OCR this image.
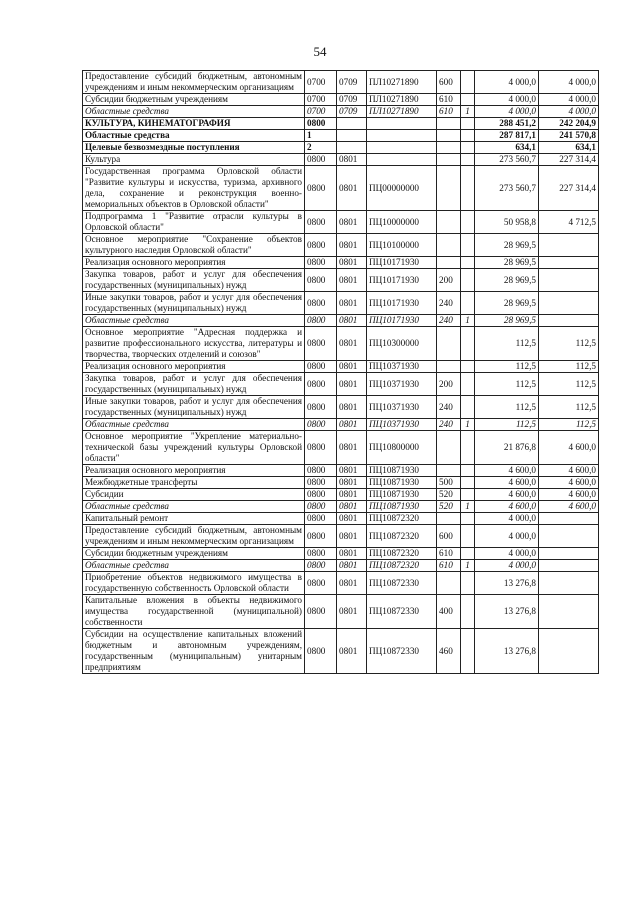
54
Предоставление субсидий бюджетным, автономным учреждениям и иным некоммерческим организациям	0700	0709	ПЛ10271890	600		4 000,0	4 000,0
Субсидии бюджетным учреждениям	0700	0709	ПЛ10271890	610		4 000,0	4 000,0
Областные средства	0700	0709	ПЛ10271890	610	1	4 000,0	4 000,0
КУЛЬТУРА, КИНЕМАТОГРАФИЯ	0800					288 451,2	242 204,9
Областные средства	1					287 817,1	241 570,8
Целевые безвозмездные поступления	2					634,1	634,1
Культура	0800	0801				273 560,7	227 314,4
Государственная программа Орловской области "Развитие культуры и искусства, туризма, архивного дела, сохранение и реконструкция военно-мемориальных объектов в Орловской области"	0800	0801	ПЦ00000000			273 560,7	227 314,4
Подпрограмма 1 "Развитие отрасли культуры в Орловской области"	0800	0801	ПЦ10000000			50 958,8	4 712,5
Основное мероприятие "Сохранение объектов культурного наследия Орловской области"	0800	0801	ПЦ10100000			28 969,5	
Реализация основного мероприятия	0800	0801	ПЦ10171930			28 969,5	
Закупка товаров, работ и услуг для обеспечения государственных (муниципальных) нужд	0800	0801	ПЦ10171930	200		28 969,5	
Иные закупки товаров, работ и услуг для обеспечения государственных (муниципальных) нужд	0800	0801	ПЦ10171930	240		28 969,5	
Областные средства	0800	0801	ПЦ10171930	240	1	28 969,5	
Основное мероприятие "Адресная поддержка и развитие профессионального искусства, литературы и творчества, творческих отделений и союзов"	0800	0801	ПЦ10300000			112,5	112,5
Реализация основного мероприятия	0800	0801	ПЦ10371930			112,5	112,5
Закупка товаров, работ и услуг для обеспечения государственных (муниципальных) нужд	0800	0801	ПЦ10371930	200		112,5	112,5
Иные закупки товаров, работ и услуг для обеспечения государственных (муниципальных) нужд	0800	0801	ПЦ10371930	240		112,5	112,5
Областные средства	0800	0801	ПЦ10371930	240	1	112,5	112,5
Основное мероприятие "Укрепление материально-технической базы учреждений культуры Орловской области"	0800	0801	ПЦ10800000			21 876,8	4 600,0
Реализация основного мероприятия	0800	0801	ПЦ10871930			4 600,0	4 600,0
Межбюджетные трансферты	0800	0801	ПЦ10871930	500		4 600,0	4 600,0
Субсидии	0800	0801	ПЦ10871930	520		4 600,0	4 600,0
Областные средства	0800	0801	ПЦ10871930	520	1	4 600,0	4 600,0
Капитальный ремонт	0800	0801	ПЦ10872320			4 000,0	
Предоставление субсидий бюджетным, автономным учреждениям и иным некоммерческим организациям	0800	0801	ПЦ10872320	600		4 000,0	
Субсидии бюджетным учреждениям	0800	0801	ПЦ10872320	610		4 000,0	
Областные средства	0800	0801	ПЦ10872320	610	1	4 000,0	
Приобретение объектов недвижимого имущества в государственную собственность Орловской области	0800	0801	ПЦ10872330			13 276,8	
Капитальные вложения в объекты недвижимого имущества государственной (муниципальной) собственности	0800	0801	ПЦ10872330	400		13 276,8	
Субсидии на осуществление капитальных вложений бюджетным и автономным учреждениям, государственным (муниципальным) унитарным предприятиям	0800	0801	ПЦ10872330	460		13 276,8	
